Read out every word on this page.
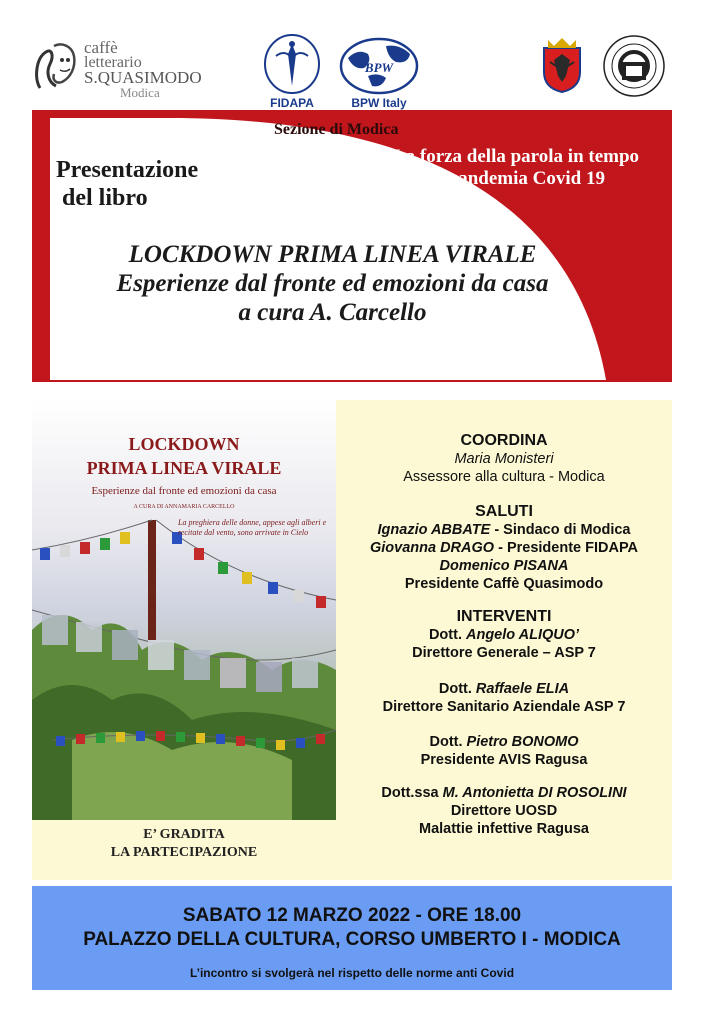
caffè
letterario
S.QUASIMODO
Modica
FIDAPA
BPW
BPW Italy
Sezione di Modica
La forza della parola in tempo
di pandemia Covid 19
Presentazione
del libro
LOCKDOWN PRIMA LINEA VIRALE
Esperienze dal fronte ed emozioni da casa
a cura A. Carcello
LOCKDOWN
PRIMA LINEA VIRALE
Esperienze dal fronte ed emozioni da casa
A CURA DI ANNAMARIA CARCELLO
La preghiera delle donne, appese agli alberi e recitate dal vento, sono arrivate in Cielo
E’ GRADITA
LA PARTECIPAZIONE
COORDINA
Maria Monisteri
Assessore alla cultura - Modica
SALUTI
Ignazio ABBATE - Sindaco di Modica
Giovanna DRAGO - Presidente FIDAPA
Domenico PISANA
Presidente Caffè Quasimodo
INTERVENTI
Dott. Angelo ALIQUO’
Direttore Generale – ASP 7
Dott. Raffaele ELIA
Direttore Sanitario Aziendale ASP 7
Dott. Pietro BONOMO
Presidente AVIS Ragusa
Dott.ssa M. Antonietta DI ROSOLINI
Direttore UOSD
Malattie infettive Ragusa
SABATO 12 MARZO 2022 - ORE 18.00
PALAZZO DELLA CULTURA, CORSO UMBERTO I - MODICA
L’incontro si svolgerà nel rispetto delle norme anti Covid
